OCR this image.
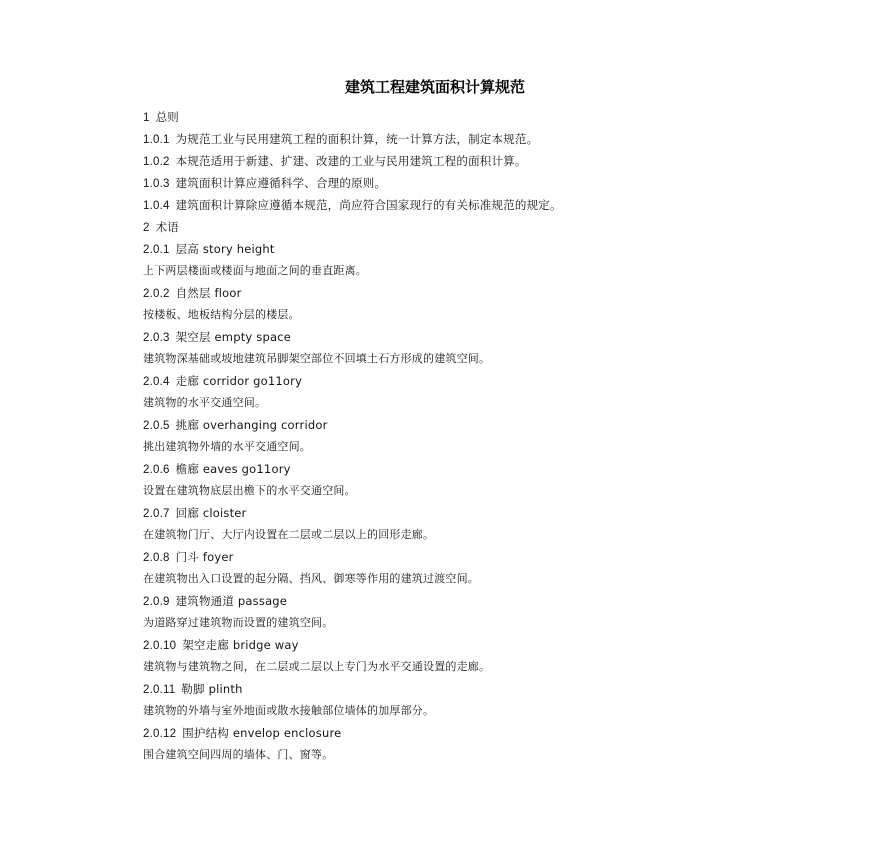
建筑工程建筑面积计算规范
1 总则
1.0.1 为规范工业与民用建筑工程的面积计算，统一计算方法，制定本规范。
1.0.2 本规范适用于新建、扩建、改建的工业与民用建筑工程的面积计算。
1.0.3 建筑面积计算应遵循科学、合理的原则。
1.0.4 建筑面积计算除应遵循本规范，尚应符合国家现行的有关标准规范的规定。
2 术语
2.0.1 层高 story height
上下两层楼面或楼面与地面之间的垂直距离。
2.0.2 自然层 floor
按楼板、地板结构分层的楼层。
2.0.3 架空层 empty space
建筑物深基础或坡地建筑吊脚架空部位不回填土石方形成的建筑空间。
2.0.4 走廊 corridor go11ory
建筑物的水平交通空间。
2.0.5 挑廊 overhanging corridor
挑出建筑物外墙的水平交通空间。
2.0.6 檐廊 eaves go11ory
设置在建筑物底层出檐下的水平交通空间。
2.0.7 回廊 cloister
在建筑物门厅、大厅内设置在二层或二层以上的回形走廊。
2.0.8 门斗 foyer
在建筑物出入口设置的起分隔、挡风、御寒等作用的建筑过渡空间。
2.0.9 建筑物通道 passage
为道路穿过建筑物而设置的建筑空间。
2.0.10 架空走廊 bridge way
建筑物与建筑物之间，在二层或二层以上专门为水平交通设置的走廊。
2.0.11 勒脚 plinth
建筑物的外墙与室外地面或散水接触部位墙体的加厚部分。
2.0.12 围护结构 envelop enclosure
围合建筑空间四周的墙体、门、窗等。
